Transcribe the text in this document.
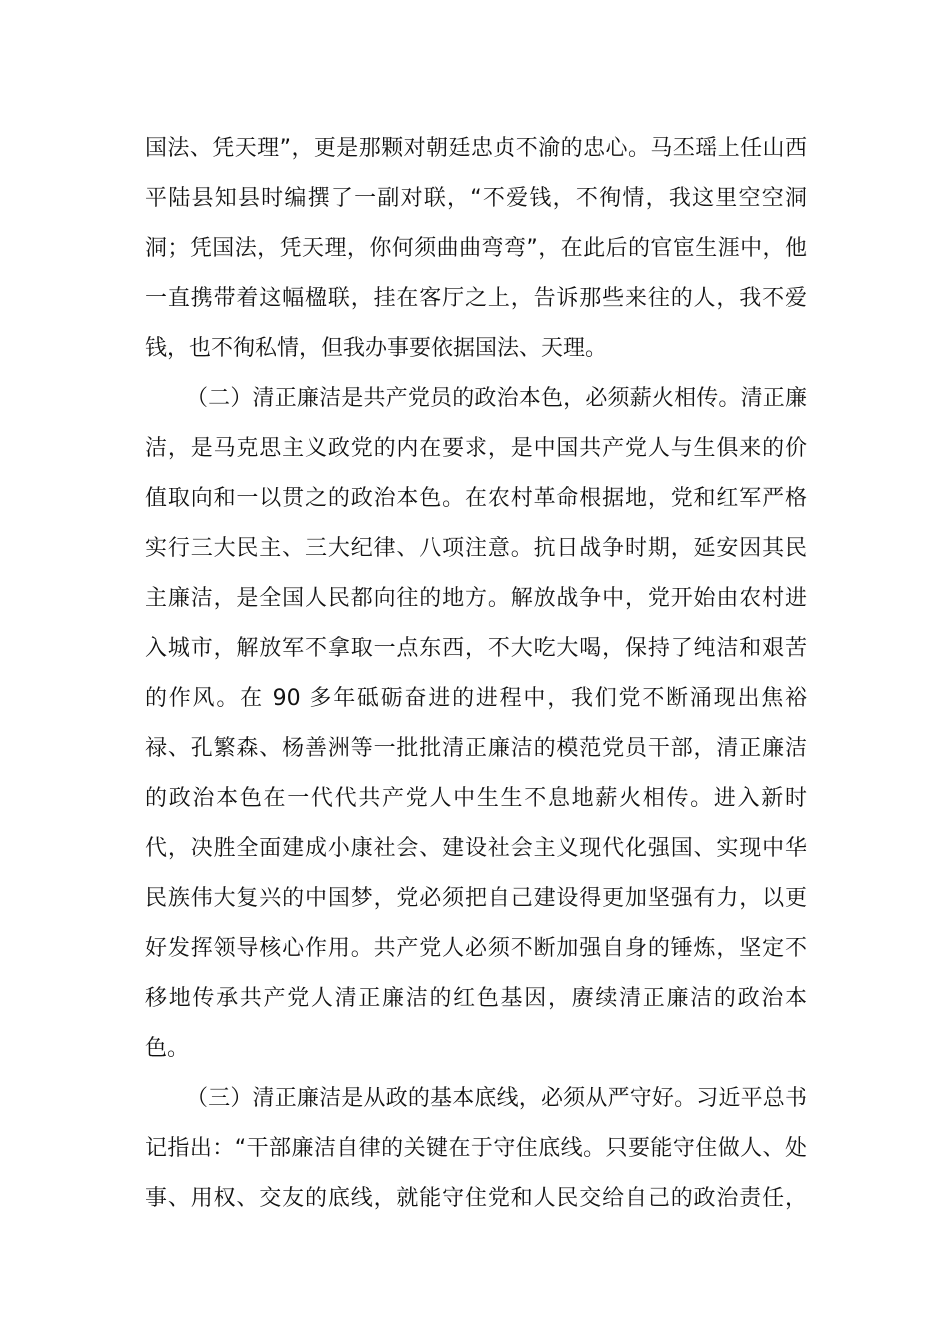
国法、凭天理”，更是那颗对朝廷忠贞不渝的忠心。马丕瑶上任山西

平陆县知县时编撰了一副对联，“不爱钱，不徇情，我这里空空洞

洞；凭国法，凭天理，你何须曲曲弯弯”，在此后的官宦生涯中，他

一直携带着这幅楹联，挂在客厅之上，告诉那些来往的人，我不爱

钱，也不徇私情，但我办事要依据国法、天理。

（二）清正廉洁是共产党员的政治本色，必须薪火相传。清正廉

洁，是马克思主义政党的内在要求，是中国共产党人与生俱来的价

值取向和一以贯之的政治本色。在农村革命根据地，党和红军严格

实行三大民主、三大纪律、八项注意。抗日战争时期，延安因其民

主廉洁，是全国人民都向往的地方。解放战争中，党开始由农村进

入城市，解放军不拿取一点东西，不大吃大喝，保持了纯洁和艰苦

的作风。在 90 多年砥砺奋进的进程中，我们党不断涌现出焦裕

禄、孔繁森、杨善洲等一批批清正廉洁的模范党员干部，清正廉洁

的政治本色在一代代共产党人中生生不息地薪火相传。进入新时

代，决胜全面建成小康社会、建设社会主义现代化强国、实现中华

民族伟大复兴的中国梦，党必须把自己建设得更加坚强有力，以更

好发挥领导核心作用。共产党人必须不断加强自身的锤炼，坚定不

移地传承共产党人清正廉洁的红色基因，赓续清正廉洁的政治本

色。

（三）清正廉洁是从政的基本底线，必须从严守好。习近平总书

记指出：“干部廉洁自律的关键在于守住底线。只要能守住做人、处

事、用权、交友的底线，就能守住党和人民交给自己的政治责任，
